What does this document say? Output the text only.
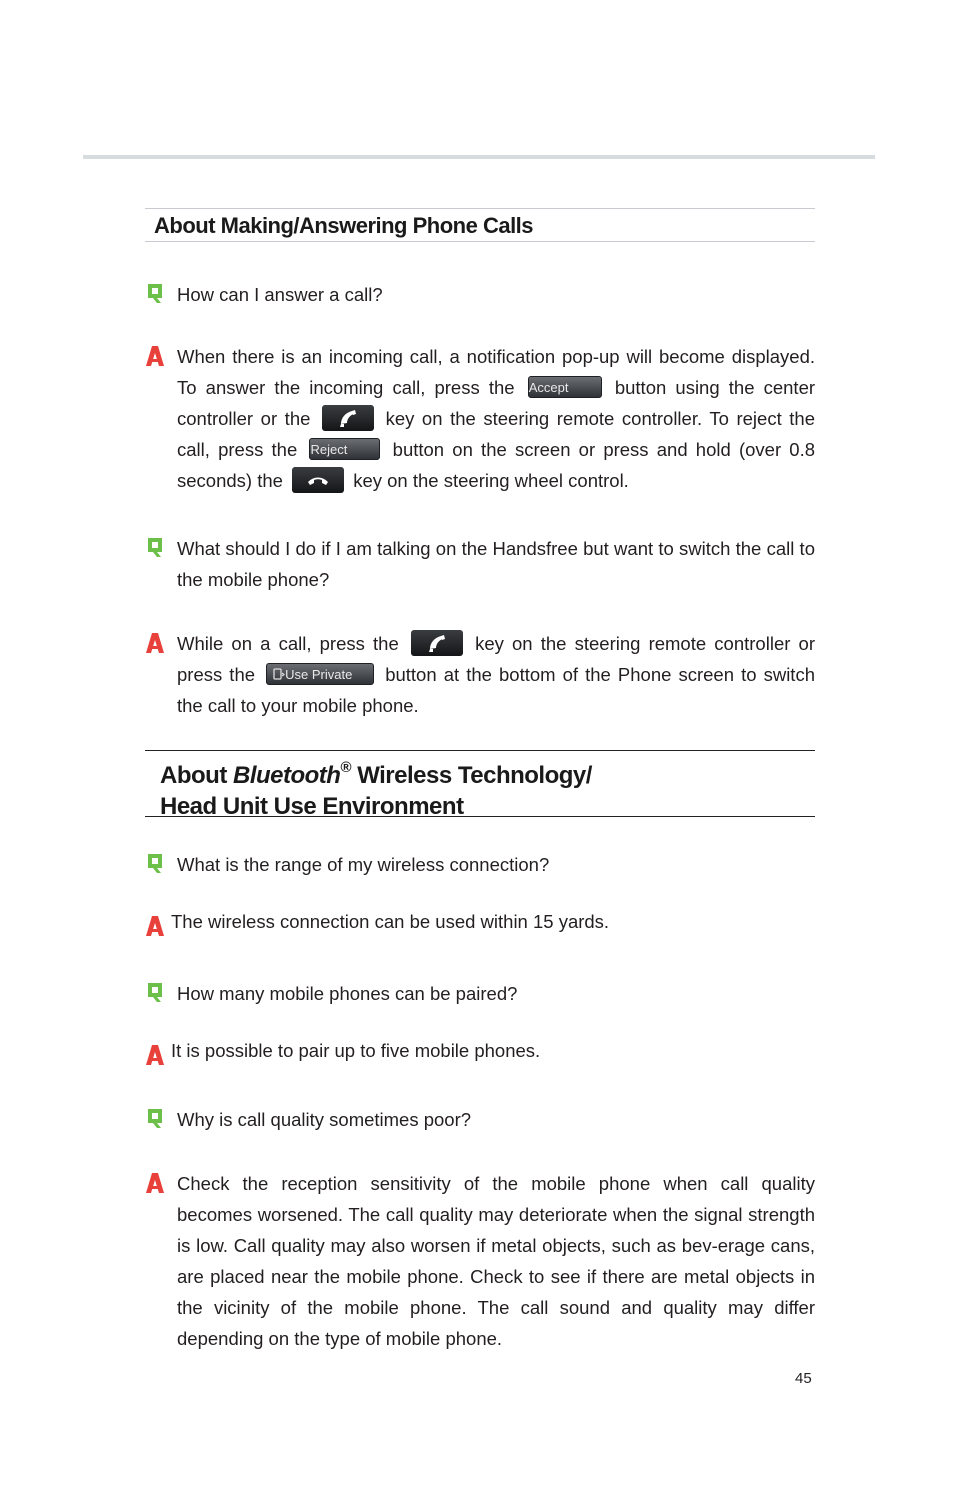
About Making/Answering Phone Calls
How can I answer a call?
When there is an incoming call, a notification pop-up will become displayed. To answer the incoming call, press the Accept	button using the center controller or the	key on the steering remote controller. To reject the call, press the Reject button on the screen or press and hold (over 0.8 seconds) the	key on the steering wheel control.
What should I do if I am talking on the Handsfree but want to switch the call to the mobile phone?
While on a call, press the	key on the steering remote controller or press the Use Private button at the bottom of the Phone screen to switch the call to your mobile phone.
About Bluetooth® Wireless Technology/
Head Unit Use Environment
What is the range of my wireless connection?
The wireless connection can be used within 15 yards.
How many mobile phones can be paired?
It is possible to pair up to five mobile phones.
Why is call quality sometimes poor?
Check the reception sensitivity of the mobile phone when call quality becomes worsened. The call quality may deteriorate when the signal strength is low. Call quality may also worsen if metal objects, such as bev-erage cans, are placed near the mobile phone. Check to see if there are metal objects in the vicinity of the mobile phone. The call sound and quality may differ depending on the type of mobile phone.
45
